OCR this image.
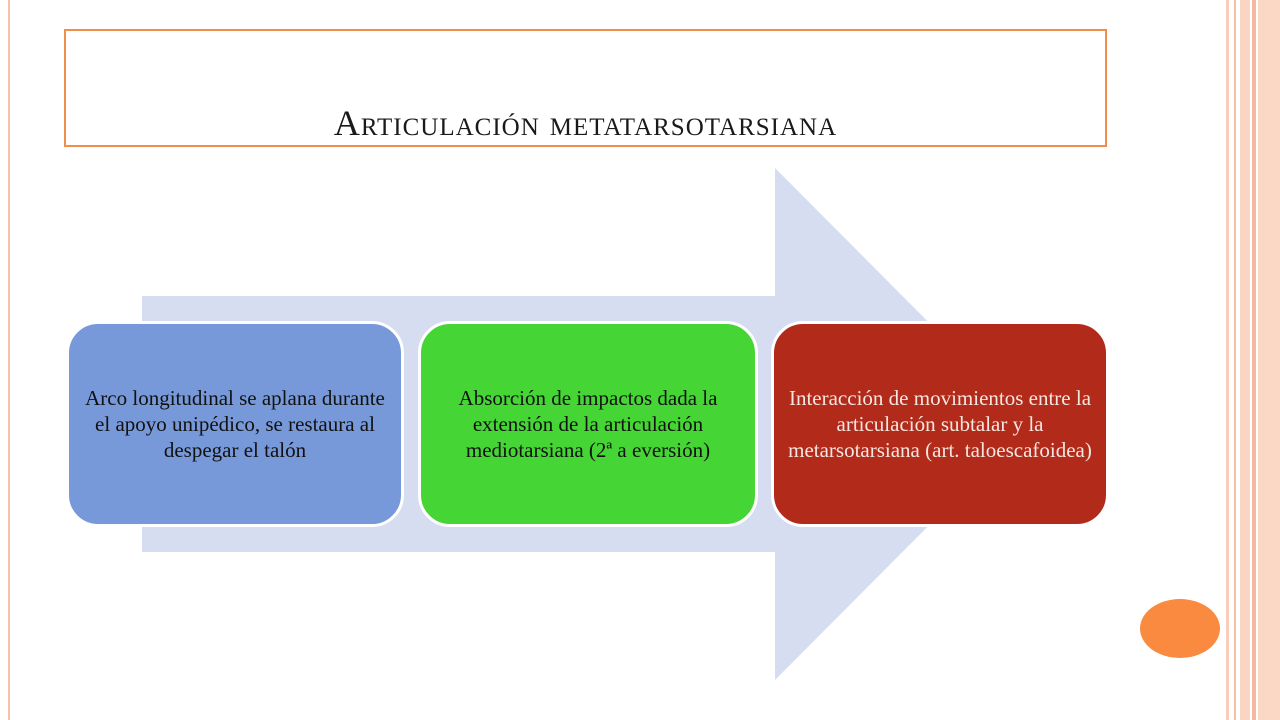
Articulación metatarsotarsiana
Arco longitudinal se aplana durante el apoyo unipédico, se restaura al despegar el talón
Absorción de impactos dada la extensión de la articulación mediotarsiana (2ª a eversión)
Interacción de movimientos entre la articulación subtalar y la metarsotarsiana (art. taloescafoidea)
